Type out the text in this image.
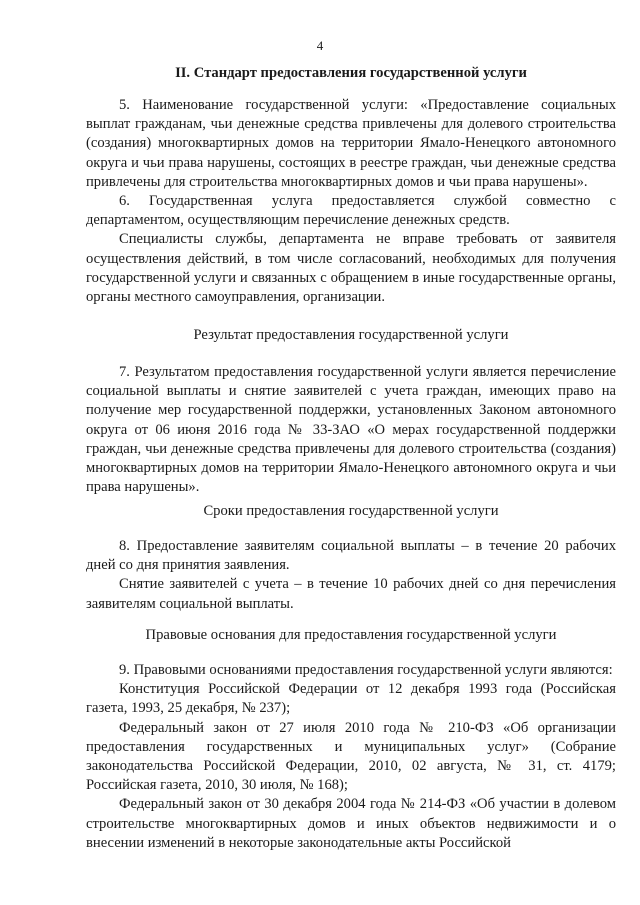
4
II. Стандарт предоставления государственной услуги

5. Наименование государственной услуги: «Предоставление социальных выплат гражданам, чьи денежные средства привлечены для долевого строительства (создания) многоквартирных домов на территории Ямало-Ненецкого автономного округа и чьи права нарушены, состоящих в реестре граждан, чьи денежные средства привлечены для строительства многоквартирных домов и чьи права нарушены».

6. Государственная услуга предоставляется службой совместно с департаментом, осуществляющим перечисление денежных средств.

Специалисты службы, департамента не вправе требовать от заявителя осуществления действий, в том числе согласований, необходимых для получения государственной услуги и связанных с обращением в иные государственные органы, органы местного самоуправления, организации.

Результат предоставления государственной услуги

7. Результатом предоставления государственной услуги является перечисление социальной выплаты и снятие заявителей с учета граждан, имеющих право на получение мер государственной поддержки, установленных Законом автономного округа от 06 июня 2016 года № 33-ЗАО «О мерах государственной поддержки граждан, чьи денежные средства привлечены для долевого строительства (создания) многоквартирных домов на территории Ямало-Ненецкого автономного округа и чьи права нарушены».

Сроки предоставления государственной услуги

8. Предоставление заявителям социальной выплаты – в течение 20 рабочих дней со дня принятия заявления.

Снятие заявителей с учета – в течение 10 рабочих дней со дня перечисления заявителям социальной выплаты.

Правовые основания для предоставления государственной услуги

9. Правовыми основаниями предоставления государственной услуги являются:

Конституция Российской Федерации от 12 декабря 1993 года (Российская газета, 1993, 25 декабря, № 237);

Федеральный закон от 27 июля 2010 года № 210-ФЗ «Об организации предоставления государственных и муниципальных услуг» (Собрание законодательства Российской Федерации, 2010, 02 августа, № 31, ст. 4179; Российская газета, 2010, 30 июля, № 168);

Федеральный закон от 30 декабря 2004 года № 214-ФЗ «Об участии в долевом строительстве многоквартирных домов и иных объектов недвижимости и о внесении изменений в некоторые законодательные акты Российской
